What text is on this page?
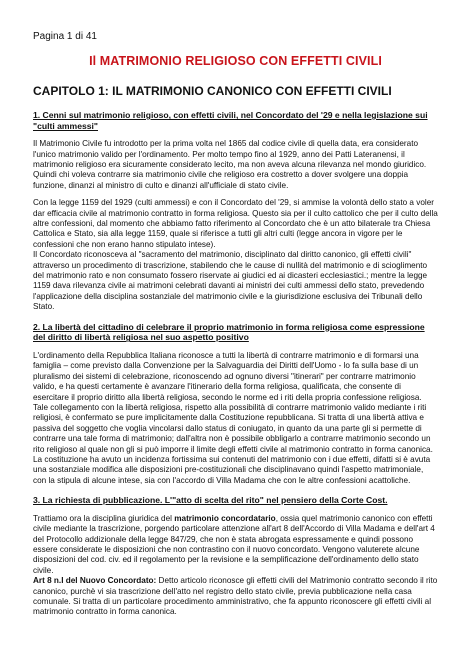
Pagina 1 di 41
Il MATRIMONIO RELIGIOSO CON EFFETTI CIVILI
CAPITOLO 1: IL MATRIMONIO CANONICO CON EFFETTI CIVILI
1. Cenni sul matrimonio religioso, con effetti civili, nel Concordato del '29 e nella legislazione sui "culti ammessi"

Il Matrimonio Civile fu introdotto per la prima volta nel 1865 dal codice civile di quella data, era considerato l'unico matrimonio valido per l'ordinamento. Per molto tempo fino al 1929, anno dei Patti Lateranensi, il matrimonio religioso era sicuramente considerato lecito, ma non aveva alcuna rilevanza nel mondo giuridico. Quindi chi voleva contrarre sia matrimonio civile che religioso era costretto a dover svolgere una doppia funzione, dinanzi al ministro di culto e dinanzi all'ufficiale di stato civile.

Con la legge 1159 del 1929 (culti ammessi) e con il Concordato del '29, si ammise la volontà dello stato a voler dar efficacia civile al matrimonio contratto in forma religiosa. Questo sia per il culto cattolico che per il culto della altre confessioni, dal momento che abbiamo fatto riferimento al Concordato che è un atto bilaterale tra Chiesa Cattolica e Stato, sia alla legge 1159, quale si riferisce a tutti gli altri culti (legge ancora in vigore per le confessioni che non erano hanno stipulato intese).

Il Concordato riconosceva al "sacramento del matrimonio, disciplinato dal diritto canonico, gli effetti civili" attraverso un procedimento di trascrizione, stabilendo che le cause di nullità del matrimonio e di scioglimento del matrimonio rato e non consumato fossero riservate ai giudici ed ai dicasteri ecclesiastici.; mentre la legge 1159 dava rilevanza civile ai matrimoni celebrati davanti ai ministri dei culti ammessi dello stato, prevedendo l'applicazione della disciplina sostanziale del matrimonio civile e la giurisdizione esclusiva dei Tribunali dello Stato.

2. La libertà del cittadino di celebrare il proprio matrimonio in forma religiosa come espressione del diritto di libertà religiosa nel suo aspetto positivo

L'ordinamento della Repubblica Italiana riconosce a tutti la libertà di contrarre matrimonio e di formarsi una famiglia – come previsto dalla Convenzione per la Salvaguardia dei Diritti dell'Uomo - lo fa sulla base di un pluralismo dei sistemi di celebrazione, riconoscendo ad ognuno diversi "itinerari" per contrarre matrimonio valido, e ha questi certamente è avanzare l'itinerario della forma religiosa, qualificata, che consente di esercitare il proprio diritto alla libertà religiosa, secondo le norme ed i riti della propria confessione religiosa. Tale collegamento con la libertà religiosa, rispetto alla possibilità di contrarre matrimonio valido mediante i riti religiosi, è confermato se pure implicitamente dalla Costituzione repubblicana. Si tratta di una libertà attiva e passiva del soggetto che voglia vincolarsi dallo status di coniugato, in quanto da una parte gli si permette di contrarre una tale forma di matrimonio; dall'altra non è possibile obbligarlo a contrarre matrimonio secondo un rito religioso al quale non gli si può imporre il limite degli effetti civile al matrimonio contratto in forma canonica.

La costituzione ha avuto un incidenza fortissima sui contenuti del matrimonio con i due effetti, difatti si è avuta una sostanziale modifica alle disposizioni pre-costituzionali che disciplinavano quindi l'aspetto matrimoniale, con la stipula di alcune intese, sia con l'accordo di Villa Madama che con le altre confessioni acattoliche.

3. La richiesta di pubblicazione. L'"atto di scelta del rito" nel pensiero della Corte Cost.

Trattiamo ora la disciplina giuridica del matrimonio concordatario, ossia quel matrimonio canonico con effetti civile mediante la trascrizione, porgendo particolare attenzione all'art 8 dell'Accordo di Villa Madama e dell'art 4 del Protocollo addizionale della legge 847/29, che non è stata abrogata espressamente e quindi possono essere considerate le disposizioni che non contrastino con il nuovo concordato. Vengono valuterete alcune disposizioni del cod. civ. ed il regolamento per la revisione e la semplificazione dell'ordinamento dello stato civile.

Art 8 n.I del Nuovo Concordato: Detto articolo riconosce gli effetti civili del Matrimonio contratto secondo il rito canonico, purchè vi sia trascrizione dell'atto nel registro dello stato civile, previa pubblicazione nella casa comunale. Si tratta di un particolare procedimento amministrativo, che fa appunto riconoscere gli effetti civili al matrimonio contratto in forma canonica.
